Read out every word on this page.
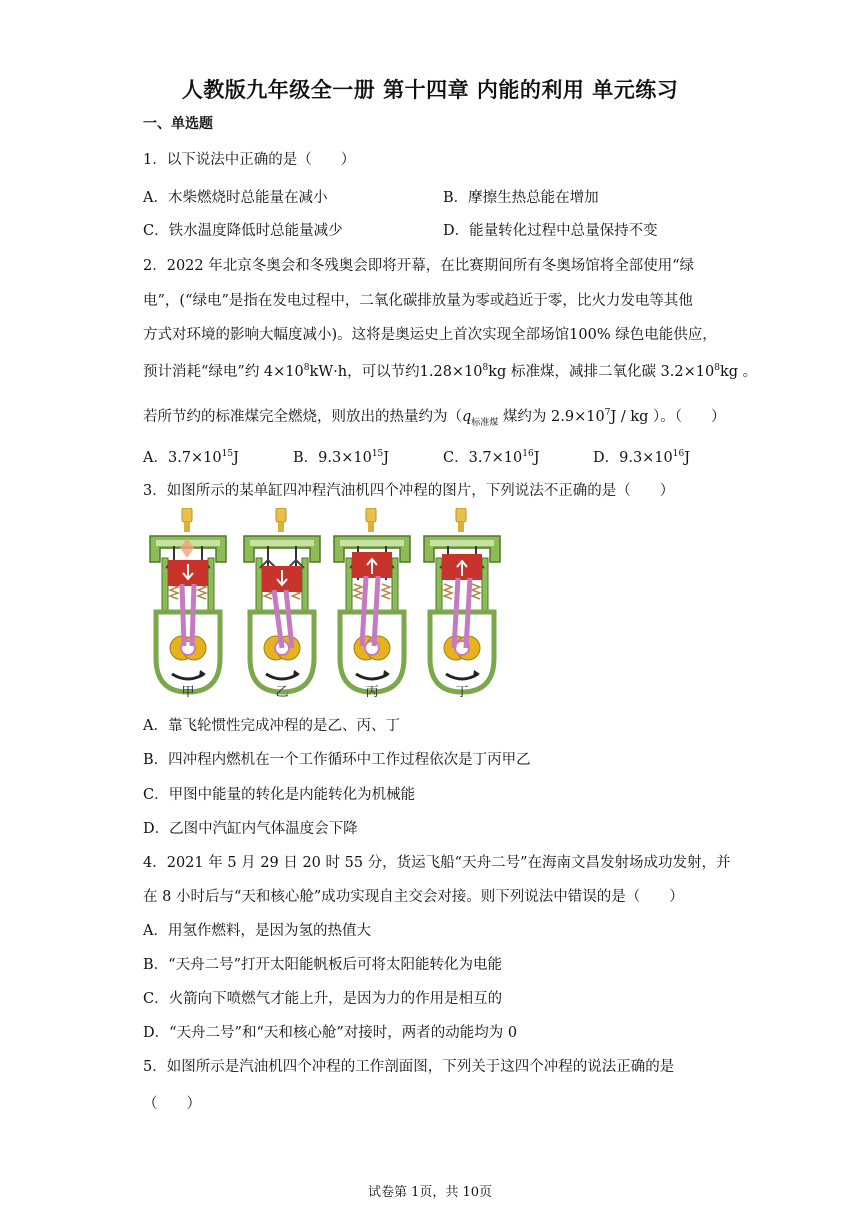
人教版九年级全一册 第十四章 内能的利用 单元练习
一、单选题
1．以下说法中正确的是（　　）
A．木柴燃烧时总能量在减小	B．摩擦生热总能在增加
C．铁水温度降低时总能量减少	D．能量转化过程中总量保持不变
2．2022 年北京冬奥会和冬残奥会即将开幕，在比赛期间所有冬奥场馆将全部使用“绿
电”，(“绿电”是指在发电过程中，二氧化碳排放量为零或趋近于零，比火力发电等其他
方式对环境的影响大幅度减小)。这将是奥运史上首次实现全部场馆100% 绿色电能供应，
预计消耗“绿电”约 $4\times 10^8kW\cdot h$，可以节约$1.28\times 10^8kg$ 标准煤，减排二氧化碳 $3.2\times 10^8kg$ 。
若所节约的标准煤完全燃烧，则放出的热量约为（$q_{标准煤}$ 煤约为 $2.9\times 10^7J$ / kg ）。（　　）
A．$3.7\times 10^{15}J$	B．$9.3\times 10^{15}J$	C．$3.7\times 10^{16}J$	D．$9.3\times 10^{16}J$
3．如图所示的某单缸四冲程汽油机四个冲程的图片，下列说法不正确的是（　　）
甲	乙	丙	丁
A．靠飞轮惯性完成冲程的是乙、丙、丁
B．四冲程内燃机在一个工作循环中工作过程依次是丁丙甲乙
C．甲图中能量的转化是内能转化为机械能
D．乙图中汽缸内气体温度会下降
4．2021 年 5 月 29 日 20 时 55 分，货运飞船“天舟二号”在海南文昌发射场成功发射，并
在 8 小时后与“天和核心舱”成功实现自主交会对接。则下列说法中错误的是（　　）
A．用氢作燃料，是因为氢的热值大
B．“天舟二号”打开太阳能帆板后可将太阳能转化为电能
C．火箭向下喷燃气才能上升，是因为力的作用是相互的
D．“天舟二号”和“天和核心舱”对接时，两者的动能均为 0
5．如图所示是汽油机四个冲程的工作剖面图，下列关于这四个冲程的说法正确的是
（　　）
试卷第 1页，共 10页
